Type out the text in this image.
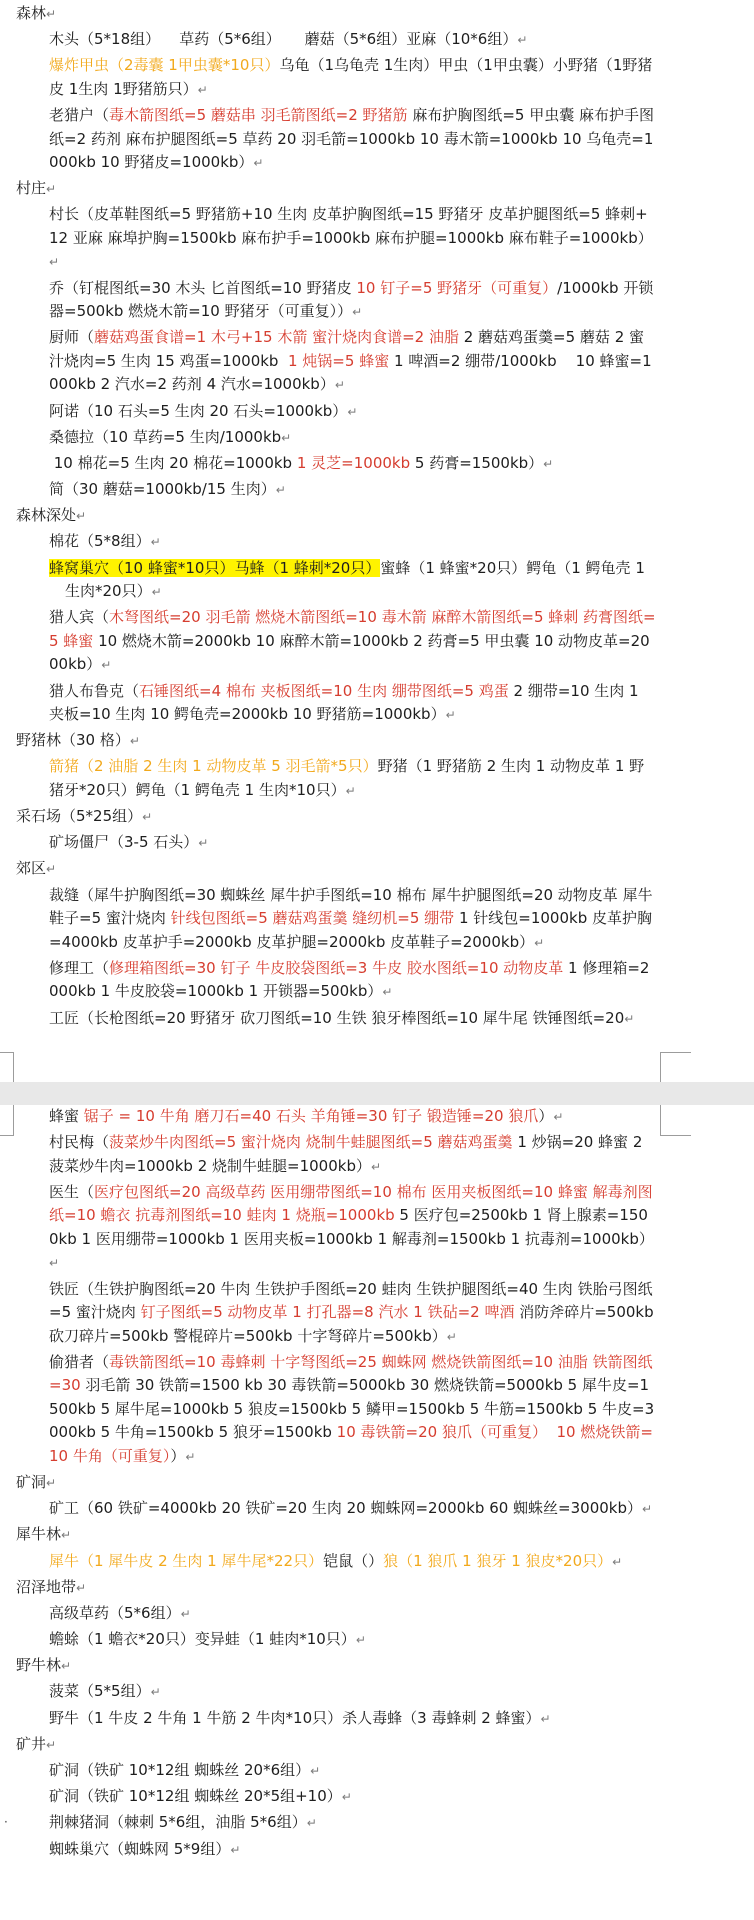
森林↵
木头（5*18组）    草药（5*6组）     蘑菇（5*6组）亚麻（10*6组）↵
爆炸甲虫（2毒囊 1甲虫囊*10只）乌龟（1乌龟壳 1生肉）甲虫（1甲虫囊）小野猪（1野猪皮 1生肉 1野猪筋只）↵
老猎户（毒木箭图纸=5 蘑菇串 羽毛箭图纸=2 野猪筋 麻布护胸图纸=5 甲虫囊 麻布护手图纸=2 药剂 麻布护腿图纸=5 草药 20 羽毛箭=1000kb 10 毒木箭=1000kb 10 乌龟壳=1000kb 10 野猪皮=1000kb）↵
村庄↵
村长（皮革鞋图纸=5 野猪筋+10 生肉 皮革护胸图纸=15 野猪牙 皮革护腿图纸=5 蜂刺+12 亚麻 麻埠护胸=1500kb 麻布护手=1000kb 麻布护腿=1000kb 麻布鞋子=1000kb）↵
乔（钉棍图纸=30 木头 匕首图纸=10 野猪皮 10 钉子=5 野猪牙（可重复）/1000kb 开锁器=500kb 燃烧木箭=10 野猪牙（可重复））↵
厨师（蘑菇鸡蛋食谱=1 木弓+15 木箭 蜜汁烧肉食谱=2 油脂 2 蘑菇鸡蛋羹=5 蘑菇 2 蜜汁烧肉=5 生肉 15 鸡蛋=1000kb  1 炖锅=5 蜂蜜 1 啤酒=2 绷带/1000kb    10 蜂蜜=1000kb 2 汽水=2 药剂 4 汽水=1000kb）↵
阿诺（10 石头=5 生肉 20 石头=1000kb）↵
桑德拉（10 草药=5 生肉/1000kb↵
10 棉花=5 生肉 20 棉花=1000kb 1 灵芝=1000kb 5 药膏=1500kb）↵
简（30 蘑菇=1000kb/15 生肉）↵
森林深处↵
棉花（5*8组）↵
蜂窝巢穴（10 蜂蜜*10只）马蜂（1 蜂刺*20只）蜜蜂（1 蜂蜜*20只）鳄龟（1 鳄龟壳 1 生肉*20只）↵
猎人宾（木弩图纸=20 羽毛箭 燃烧木箭图纸=10 毒木箭 麻醉木箭图纸=5 蜂刺 药膏图纸=5 蜂蜜 10 燃烧木箭=2000kb 10 麻醉木箭=1000kb 2 药膏=5 甲虫囊 10 动物皮革=2000kb）↵
猎人布鲁克（石锤图纸=4 棉布 夹板图纸=10 生肉 绷带图纸=5 鸡蛋 2 绷带=10 生肉 1 夹板=10 生肉 10 鳄龟壳=2000kb 10 野猪筋=1000kb）↵
野猪林（30 格）↵
箭猪（2 油脂 2 生肉 1 动物皮革 5 羽毛箭*5只）野猪（1 野猪筋 2 生肉 1 动物皮革 1 野猪牙*20只）鳄龟（1 鳄龟壳 1 生肉*10只）↵
采石场（5*25组）↵
矿场僵尸（3-5 石头）↵
郊区↵
裁缝（犀牛护胸图纸=30 蜘蛛丝 犀牛护手图纸=10 棉布 犀牛护腿图纸=20 动物皮革 犀牛鞋子=5 蜜汁烧肉 针线包图纸=5 蘑菇鸡蛋羹 缝纫机=5 绷带 1 针线包=1000kb 皮革护胸=4000kb 皮革护手=2000kb 皮革护腿=2000kb 皮革鞋子=2000kb）↵
修理工（修理箱图纸=30 钉子 牛皮胶袋图纸=3 牛皮 胶水图纸=10 动物皮革 1 修理箱=2000kb 1 牛皮胶袋=1000kb 1 开锁器=500kb）↵
工匠（长枪图纸=20 野猪牙 砍刀图纸=10 生铁 狼牙棒图纸=10 犀牛尾 铁锤图纸=20↵
蜂蜜 锯子 = 10 牛角 磨刀石=40 石头 羊角锤=30 钉子 锻造锤=20 狼爪）↵
村民梅（菠菜炒牛肉图纸=5 蜜汁烧肉 烧制牛蛙腿图纸=5 蘑菇鸡蛋羹 1 炒锅=20 蜂蜜 2 菠菜炒牛肉=1000kb 2 烧制牛蛙腿=1000kb）↵
医生（医疗包图纸=20 高级草药 医用绷带图纸=10 棉布 医用夹板图纸=10 蜂蜜 解毒剂图纸=10 蟾衣 抗毒剂图纸=10 蛙肉 1 烧瓶=1000kb 5 医疗包=2500kb 1 肾上腺素=1500kb 1 医用绷带=1000kb 1 医用夹板=1000kb 1 解毒剂=1500kb 1 抗毒剂=1000kb）↵
铁匠（生铁护胸图纸=20 牛肉 生铁护手图纸=20 蛙肉 生铁护腿图纸=40 生肉 铁胎弓图纸=5 蜜汁烧肉 钉子图纸=5 动物皮革 1 打孔器=8 汽水 1 铁砧=2 啤酒 消防斧碎片=500kb 砍刀碎片=500kb 警棍碎片=500kb 十字弩碎片=500kb）↵
偷猎者（毒铁箭图纸=10 毒蜂刺 十字弩图纸=25 蜘蛛网 燃烧铁箭图纸=10 油脂 铁箭图纸=30 羽毛箭 30 铁箭=1500 kb 30 毒铁箭=5000kb 30 燃烧铁箭=5000kb 5 犀牛皮=1500kb 5 犀牛尾=1000kb 5 狼皮=1500kb 5 鳞甲=1500kb 5 牛筋=1500kb 5 牛皮=3000kb 5 牛角=1500kb 5 狼牙=1500kb 10 毒铁箭=20 狼爪（可重复）  10 燃烧铁箭=10 牛角（可重复））↵
矿洞↵
矿工（60 铁矿=4000kb 20 铁矿=20 生肉 20 蜘蛛网=2000kb 60 蜘蛛丝=3000kb）↵
犀牛林↵
犀牛（1 犀牛皮 2 生肉 1 犀牛尾*22只）铠鼠（）狼（1 狼爪 1 狼牙 1 狼皮*20只）↵
沼泽地带↵
高级草药（5*6组）↵
蟾蜍（1 蟾衣*20只）变异蛙（1 蛙肉*10只）↵
野牛林↵
菠菜（5*5组）↵
野牛（1 牛皮 2 牛角 1 牛筋 2 牛肉*10只）杀人毒蜂（3 毒蜂刺 2 蜂蜜）↵
矿井↵
矿洞（铁矿 10*12组 蜘蛛丝 20*6组）↵
矿洞（铁矿 10*12组 蜘蛛丝 20*5组+10）↵
·	荆棘猪洞（棘刺 5*6组，油脂 5*6组）↵
蜘蛛巢穴（蜘蛛网 5*9组）↵
